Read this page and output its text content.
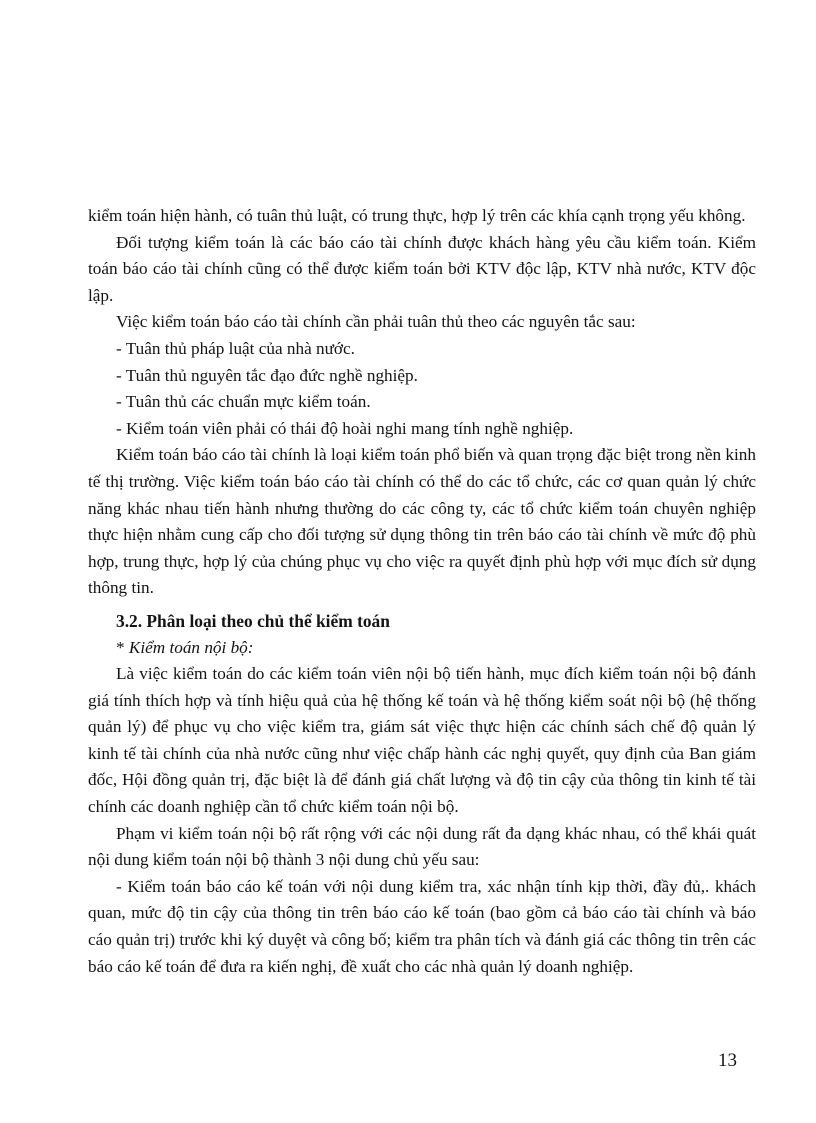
kiểm toán hiện hành, có tuân thủ luật, có trung thực, hợp lý trên các khía cạnh trọng yếu không.

Đối tượng kiểm toán là các báo cáo tài chính được khách hàng yêu cầu kiểm toán. Kiểm toán báo cáo tài chính cũng có thể được kiểm toán bởi KTV độc lập, KTV nhà nước, KTV độc lập.

Việc kiểm toán báo cáo tài chính cần phải tuân thủ theo các nguyên tắc sau:

- Tuân thủ pháp luật của nhà nước.

- Tuân thủ nguyên tắc đạo đức nghề nghiệp.

- Tuân thủ các chuẩn mực kiểm toán.

- Kiểm toán viên phải có thái độ hoài nghi mang tính nghề nghiệp.

Kiểm toán báo cáo tài chính là loại kiểm toán phổ biến và quan trọng đặc biệt trong nền kinh tế thị trường. Việc kiểm toán báo cáo tài chính có thể do các tổ chức, các cơ quan quản lý chức năng khác nhau tiến hành nhưng thường do các công ty, các tổ chức kiểm toán chuyên nghiệp thực hiện nhằm cung cấp cho đối tượng sử dụng thông tin trên báo cáo tài chính về mức độ phù hợp, trung thực, hợp lý của chúng phục vụ cho việc ra quyết định phù hợp với mục đích sử dụng thông tin.

3.2. Phân loại theo chủ thể kiểm toán

* Kiểm toán nội bộ:

Là việc kiểm toán do các kiểm toán viên nội bộ tiến hành, mục đích kiểm toán nội bộ đánh giá tính thích hợp và tính hiệu quả của hệ thống kế toán và hệ thống kiểm soát nội bộ (hệ thống quản lý) để phục vụ cho việc kiểm tra, giám sát việc thực hiện các chính sách chế độ quản lý kinh tế tài chính của nhà nước cũng như việc chấp hành các nghị quyết, quy định của Ban giám đốc, Hội đồng quản trị, đặc biệt là để đánh giá chất lượng và độ tin cậy của thông tin kinh tế tài chính các doanh nghiệp cần tổ chức kiểm toán nội bộ.

Phạm vi kiểm toán nội bộ rất rộng với các nội dung rất đa dạng khác nhau, có thể khái quát nội dung kiểm toán nội bộ thành 3 nội dung chủ yếu sau:

- Kiểm toán báo cáo kế toán với nội dung kiểm tra, xác nhận tính kịp thời, đầy đủ,. khách quan, mức độ tin cậy của thông tin trên báo cáo kế toán (bao gồm cả báo cáo tài chính và báo cáo quản trị) trước khi ký duyệt và công bố; kiểm tra phân tích và đánh giá các thông tin trên các báo cáo kế toán để đưa ra kiến nghị, đề xuất cho các nhà quản lý doanh nghiệp.

13
